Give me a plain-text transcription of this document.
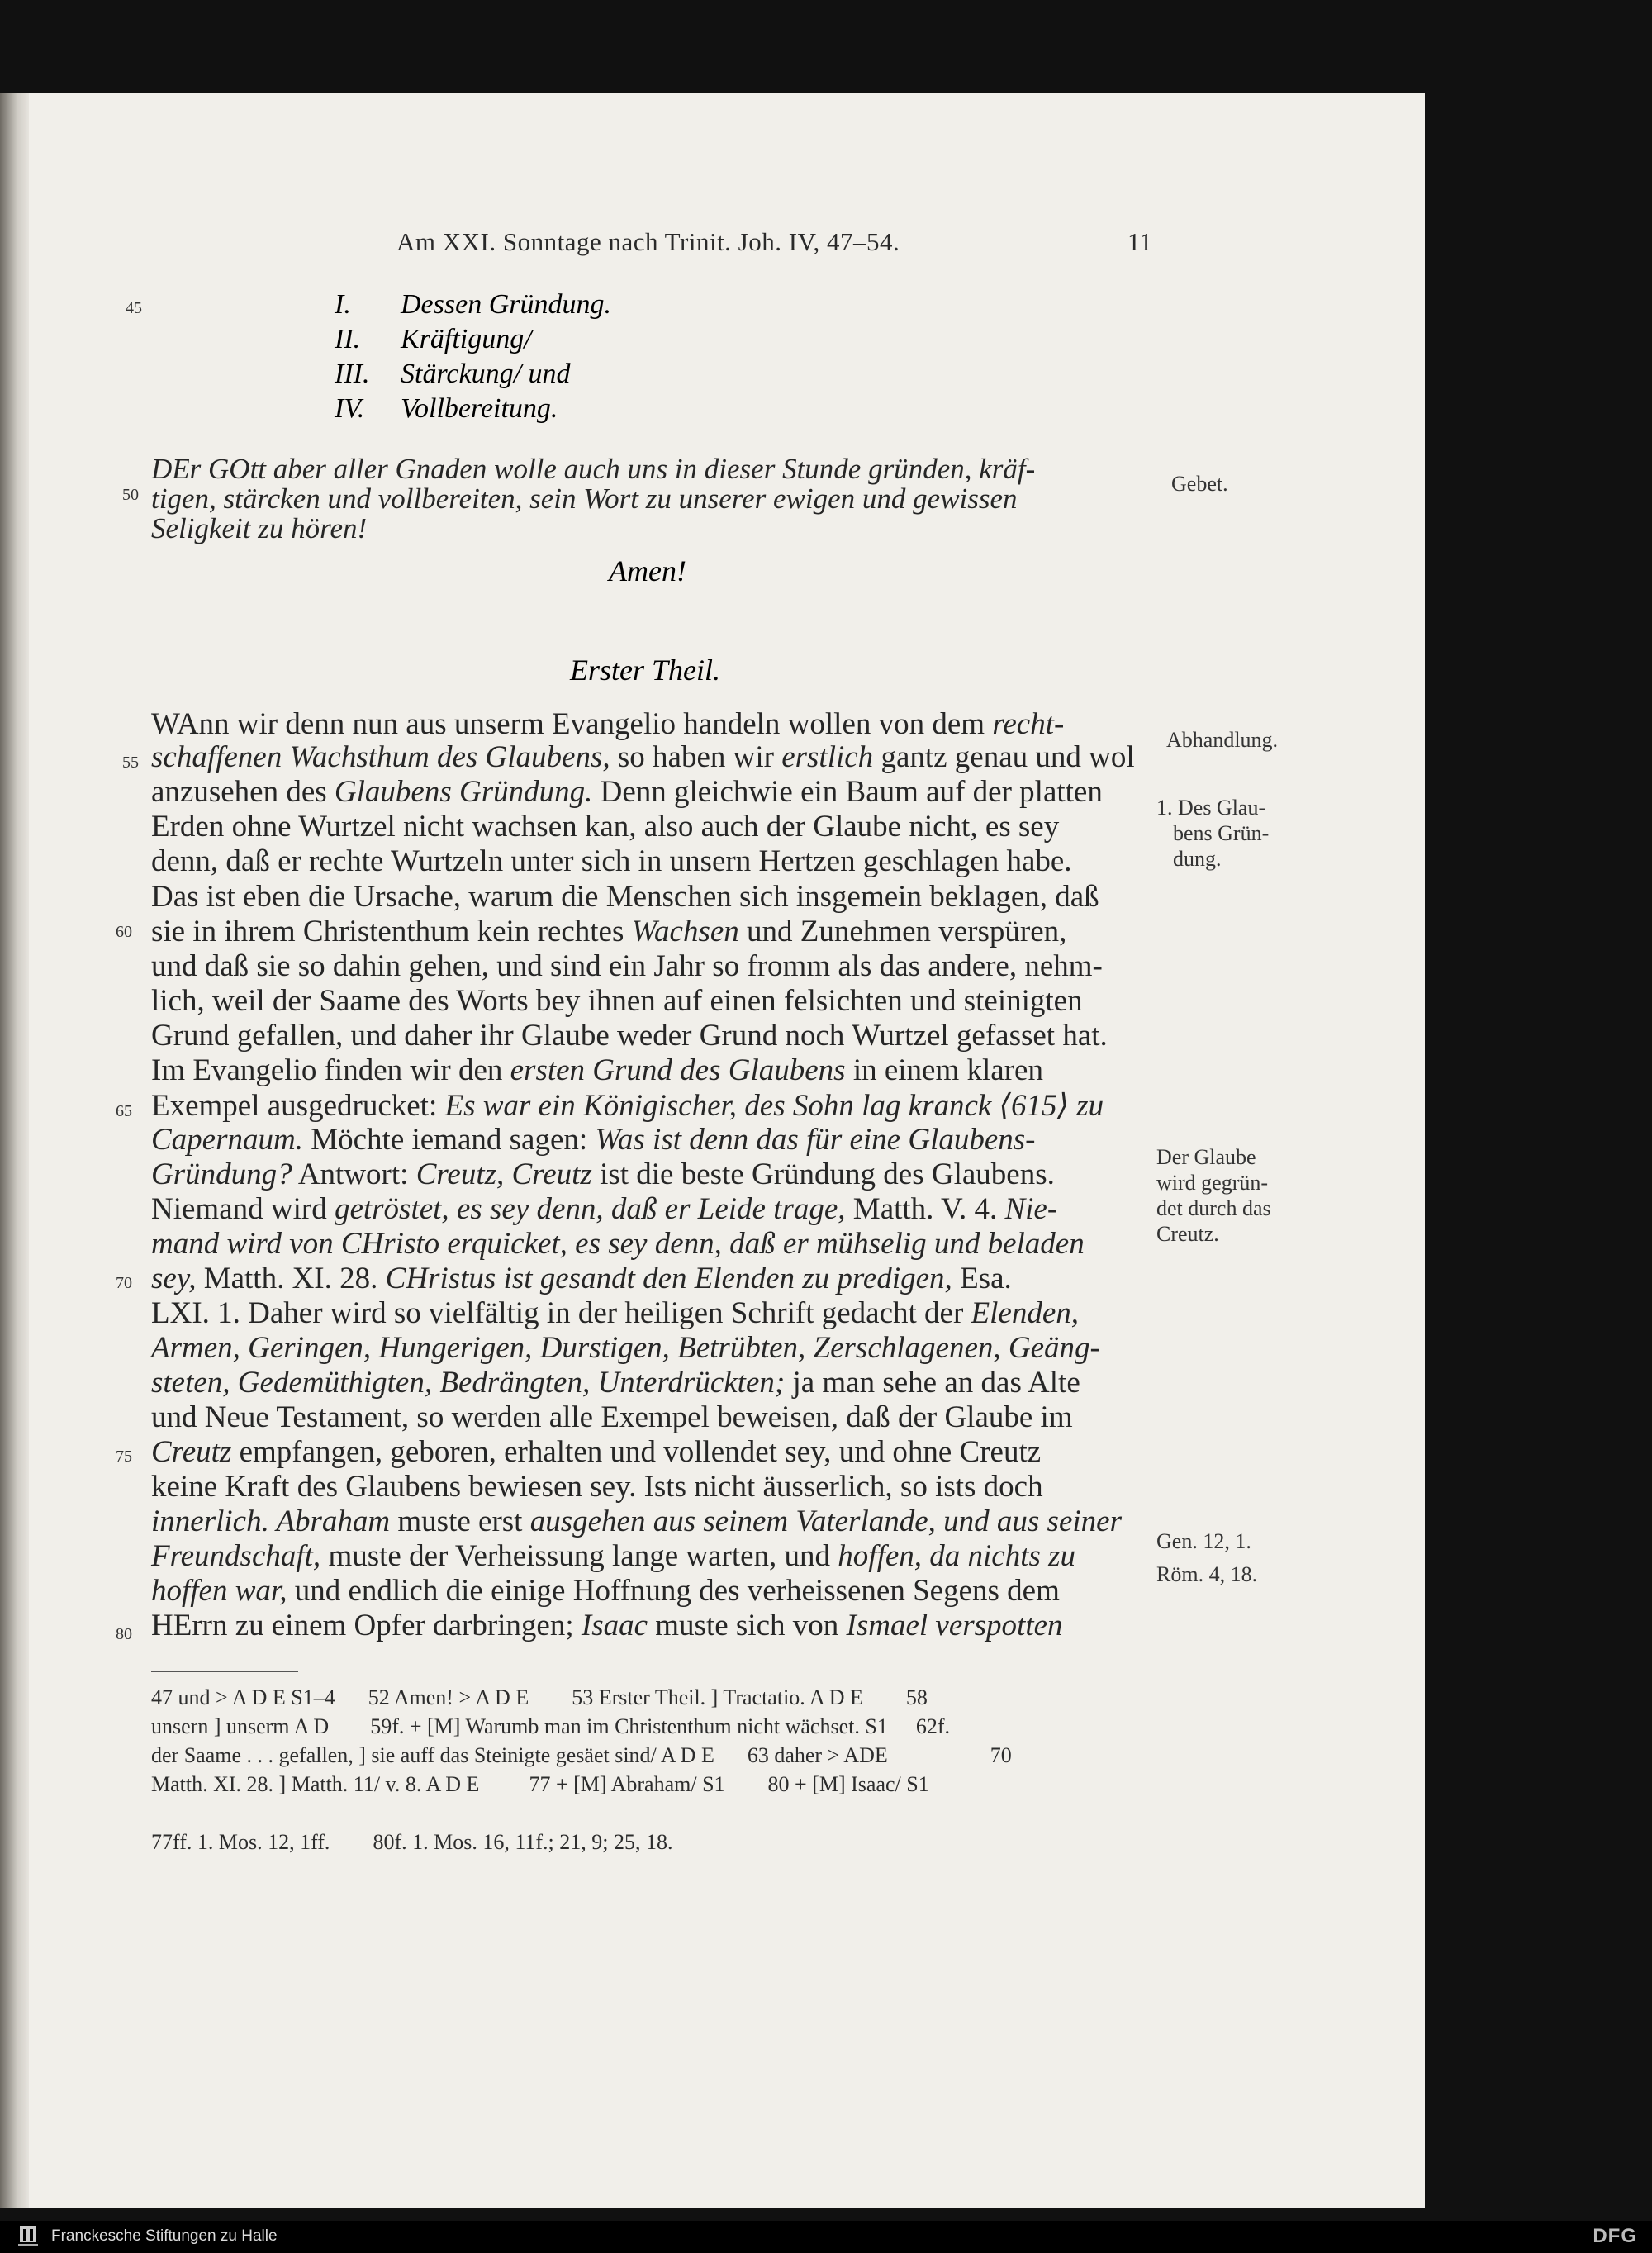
Am XXI. Sonntage nach Trinit. Joh. IV, 47–54.	11
45
50
55
60
65
70
75
80
I. Dessen Gründung.
II. Kräftigung/
III. Stärckung/ und
IV. Vollbereitung.
DEr GOtt aber aller Gnaden wolle auch uns in dieser Stunde gründen, kräf-
tigen, stärcken und vollbereiten, sein Wort zu unserer ewigen und gewissen
Seligkeit zu hören!
Amen!
Erster Theil.
WAnn wir denn nun aus unserm Evangelio handeln wollen von dem recht-
schaffenen Wachsthum des Glaubens, so haben wir erstlich gantz genau und wol
anzusehen des Glaubens Gründung. Denn gleichwie ein Baum auf der platten
Erden ohne Wurtzel nicht wachsen kan, also auch der Glaube nicht, es sey
denn, daß er rechte Wurtzeln unter sich in unsern Hertzen geschlagen habe.
Das ist eben die Ursache, warum die Menschen sich insgemein beklagen, daß
sie in ihrem Christenthum kein rechtes Wachsen und Zunehmen verspüren,
und daß sie so dahin gehen, und sind ein Jahr so fromm als das andere, nehm-
lich, weil der Saame des Worts bey ihnen auf einen felsichten und steinigten
Grund gefallen, und daher ihr Glaube weder Grund noch Wurtzel gefasset hat.
Im Evangelio finden wir den ersten Grund des Glaubens in einem klaren
Exempel ausgedrucket: Es war ein Königischer, des Sohn lag kranck ⟨615⟩ zu
Capernaum. Möchte iemand sagen: Was ist denn das für eine Glaubens-
Gründung? Antwort: Creutz, Creutz ist die beste Gründung des Glaubens.
Niemand wird getröstet, es sey denn, daß er Leide trage, Matth. V. 4. Nie-
mand wird von CHristo erquicket, es sey denn, daß er mühselig und beladen
sey, Matth. XI. 28. CHristus ist gesandt den Elenden zu predigen, Esa.
LXI. 1. Daher wird so vielfältig in der heiligen Schrift gedacht der Elenden,
Armen, Geringen, Hungerigen, Durstigen, Betrübten, Zerschlagenen, Geäng-
steten, Gedemüthigten, Bedrängten, Unterdrückten; ja man sehe an das Alte
und Neue Testament, so werden alle Exempel beweisen, daß der Glaube im
Creutz empfangen, geboren, erhalten und vollendet sey, und ohne Creutz
keine Kraft des Glaubens bewiesen sey. Ists nicht äusserlich, so ists doch
innerlich. Abraham muste erst ausgehen aus seinem Vaterlande, und aus seiner
Freundschaft, muste der Verheissung lange warten, und hoffen, da nichts zu
hoffen war, und endlich die einige Hoffnung des verheissenen Segens dem
HErrn zu einem Opfer darbringen; Isaac muste sich von Ismael verspotten
Gebet.
Abhandlung.
1. Des Glau-
bens Grün-
dung.
Der Glaube
wird gegrün-
det durch das
Creutz.
Gen. 12, 1.
Röm. 4, 18.
47 und > A D E S1–4 52 Amen! > A D E 53 Erster Theil. ] Tractatio. A D E 58
unsern ] unserm A D 59f. + [M] Warumb man im Christenthum nicht wächset. S1 62f.
der Saame . . . gefallen, ] sie auff das Steinigte gesäet sind/ A D E 63 daher > ADE	70
Matth. XI. 28. ] Matth. 11/ v. 8. A D E 77 + [M] Abraham/ S1 80 + [M] Isaac/ S1
77ff. 1. Mos. 12, 1ff. 80f. 1. Mos. 16, 11f.; 21, 9; 25, 18.
Franckesche Stiftungen zu Halle	DFG
